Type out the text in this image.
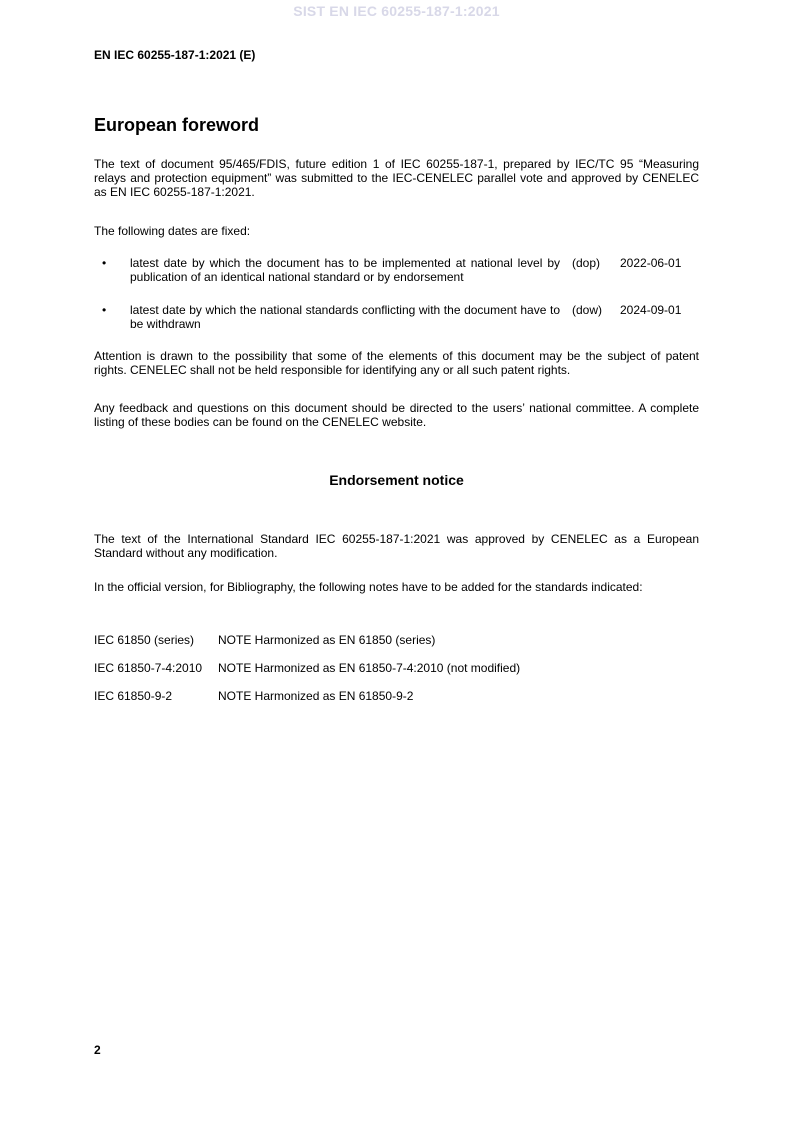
SIST EN IEC 60255-187-1:2021
EN IEC 60255-187-1:2021 (E)
European foreword
The text of document 95/465/FDIS, future edition 1 of IEC 60255-187-1, prepared by IEC/TC 95 “Measuring relays and protection equipment” was submitted to the IEC-CENELEC parallel vote and approved by CENELEC as EN IEC 60255-187-1:2021.
The following dates are fixed:
• latest date by which the document has to be implemented at national level by publication of an identical national standard or by endorsement
(dop) 2022-06-01
• latest date by which the national standards conflicting with the document have to be withdrawn
(dow) 2024-09-01
Attention is drawn to the possibility that some of the elements of this document may be the subject of patent rights. CENELEC shall not be held responsible for identifying any or all such patent rights.
Any feedback and questions on this document should be directed to the users’ national committee. A complete listing of these bodies can be found on the CENELEC website.
Endorsement notice
The text of the International Standard IEC 60255-187-1:2021 was approved by CENELEC as a European Standard without any modification.
In the official version, for Bibliography, the following notes have to be added for the standards indicated:
IEC 61850 (series) NOTE Harmonized as EN 61850 (series)
IEC 61850-7-4:2010 NOTE Harmonized as EN 61850-7-4:2010 (not modified)
IEC 61850-9-2	NOTE Harmonized as EN 61850-9-2
2
